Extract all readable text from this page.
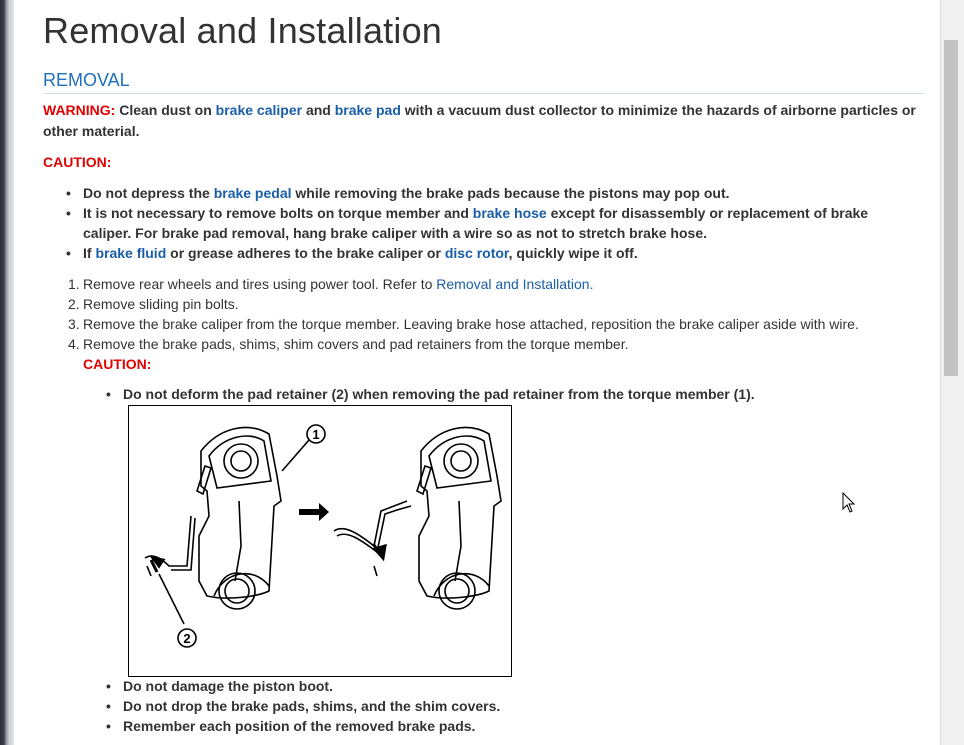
Removal and Installation
REMOVAL
WARNING: Clean dust on brake caliper and brake pad with a vacuum dust collector to minimize the hazards of airborne particles or other material.
CAUTION:
• Do not depress the brake pedal while removing the brake pads because the pistons may pop out.
• It is not necessary to remove bolts on torque member and brake hose except for disassembly or replacement of brake caliper. For brake pad removal, hang brake caliper with a wire so as not to stretch brake hose.
• If brake fluid or grease adheres to the brake caliper or disc rotor, quickly wipe it off.
1. Remove rear wheels and tires using power tool. Refer to Removal and Installation.
2. Remove sliding pin bolts.
3. Remove the brake caliper from the torque member. Leaving brake hose attached, reposition the brake caliper aside with wire.
4. Remove the brake pads, shims, shim covers and pad retainers from the torque member.
CAUTION:
• Do not deform the pad retainer (2) when removing the pad retainer from the torque member (1).
1
2
• Do not damage the piston boot.
• Do not drop the brake pads, shims, and the shim covers.
• Remember each position of the removed brake pads.
